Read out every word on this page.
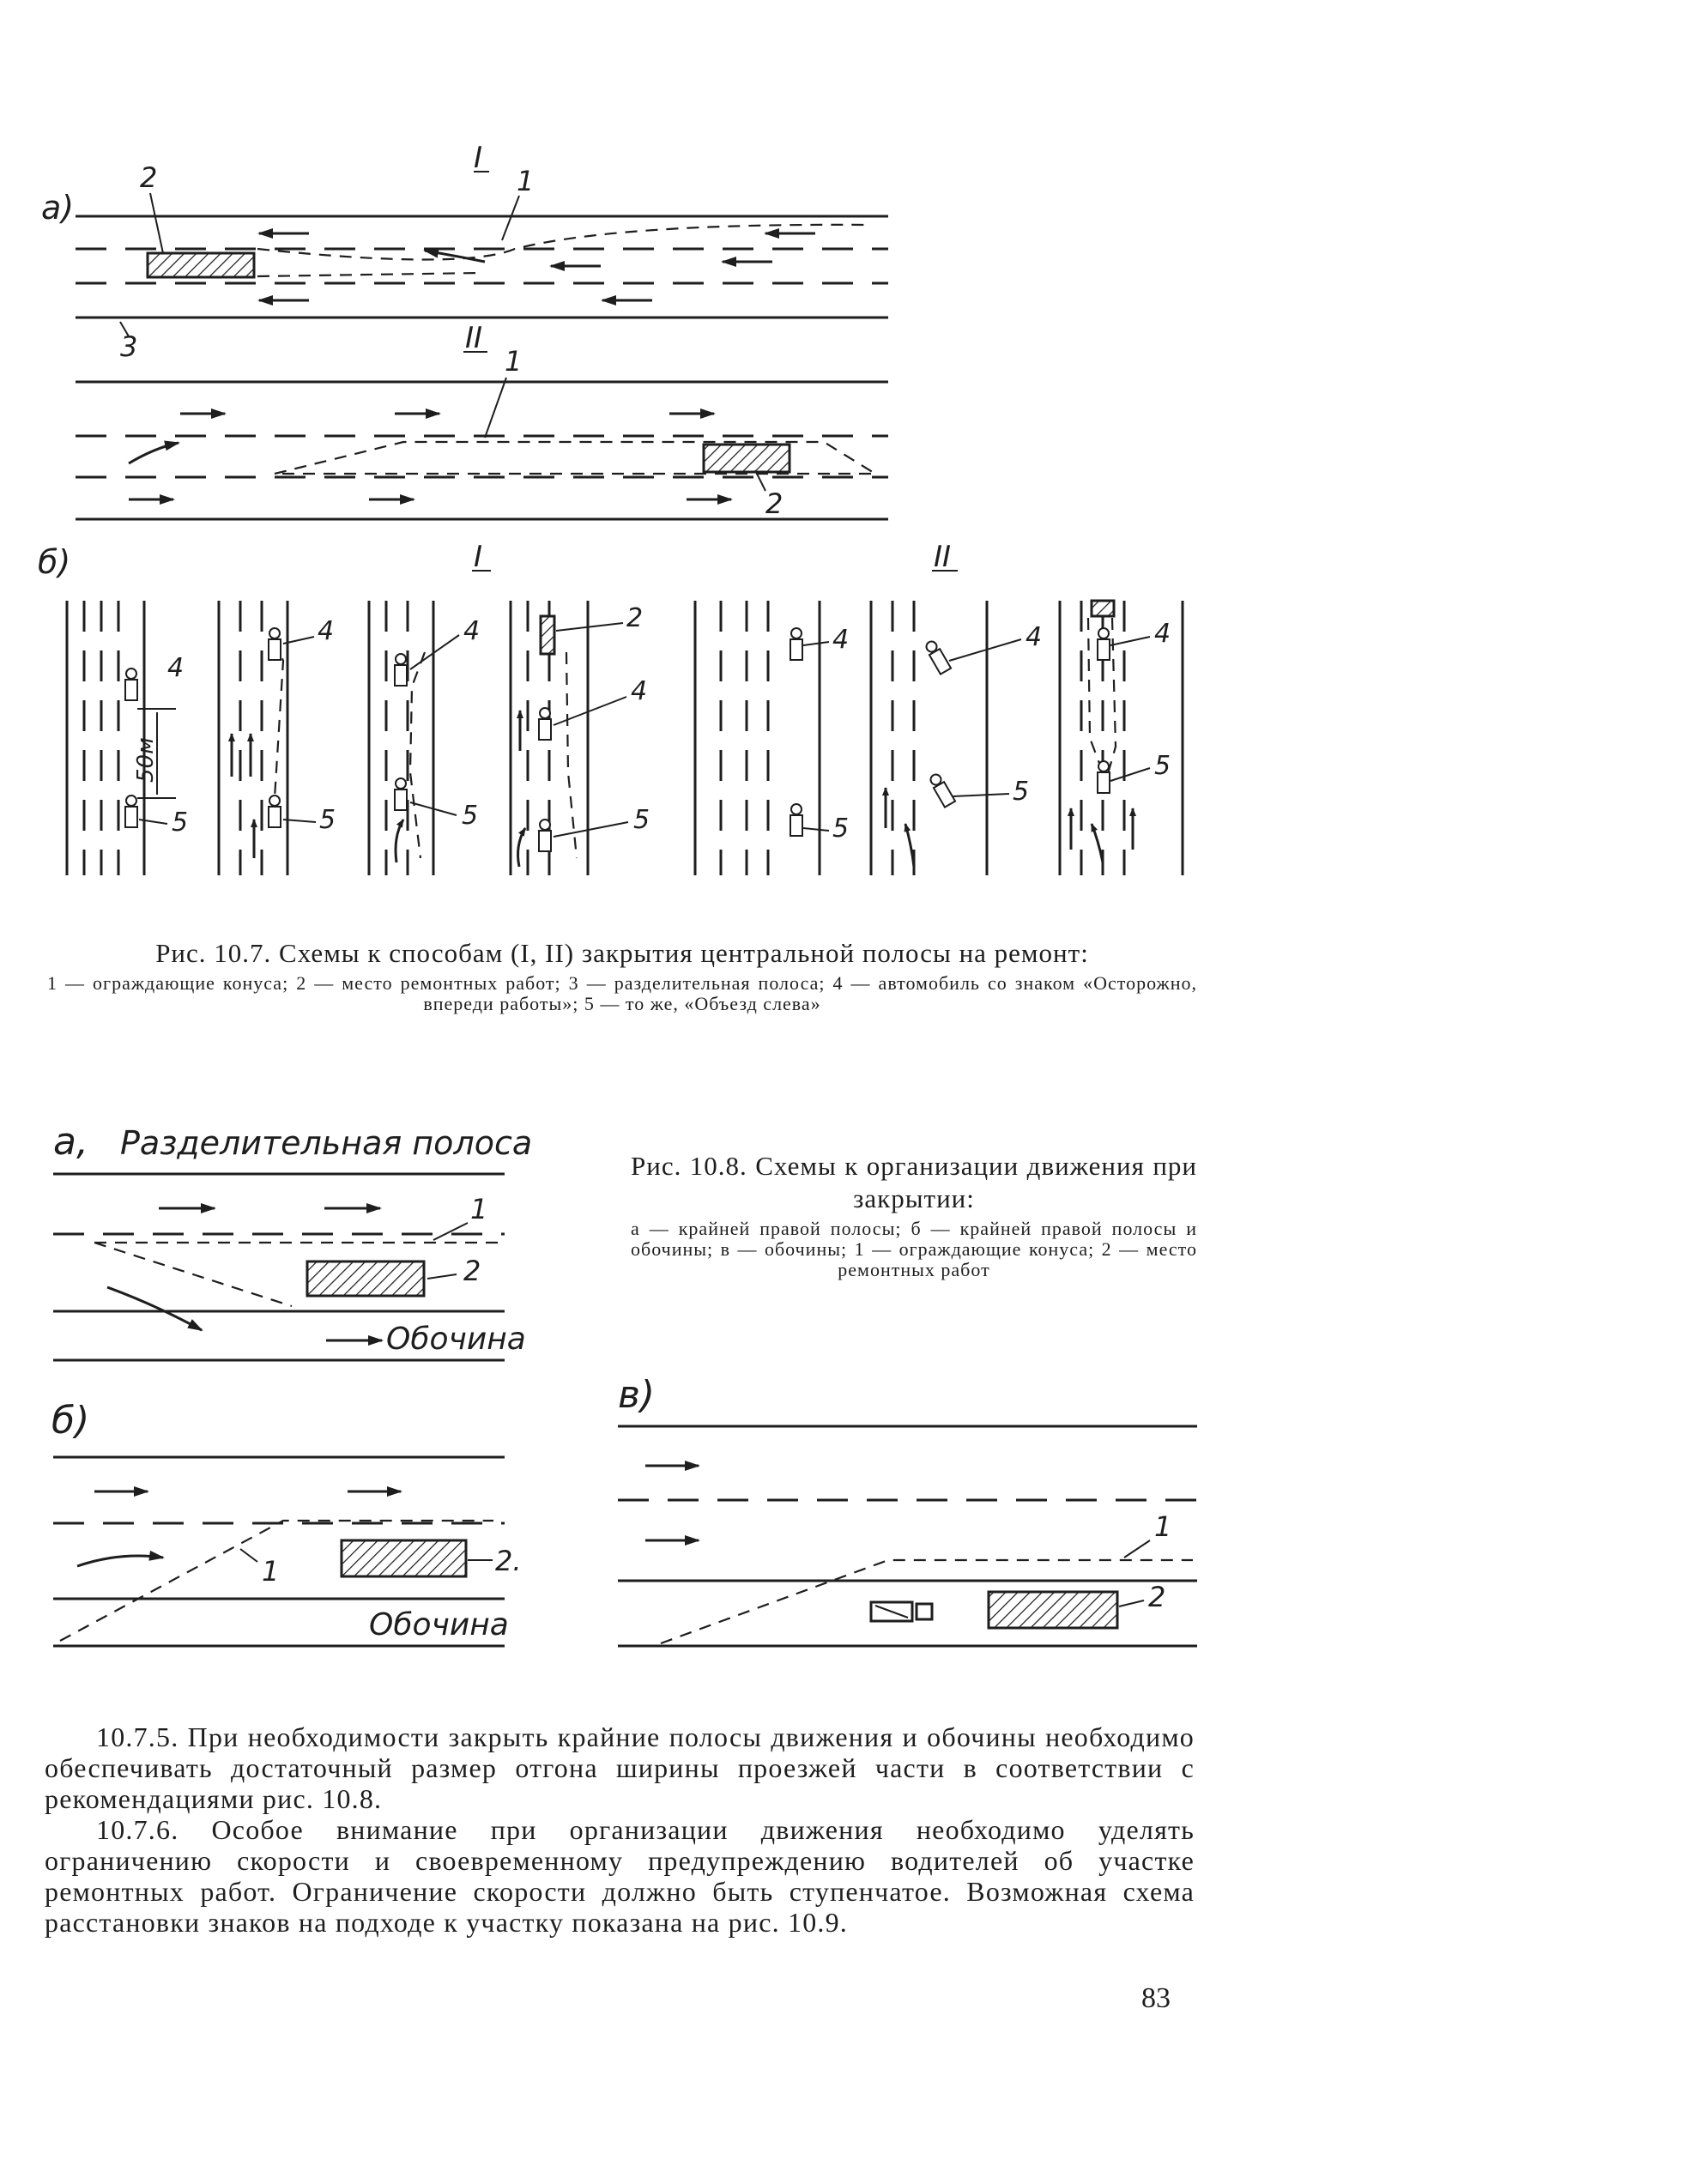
а)
I
2	1
3	II
1
2
б)	I	II
50м
4
5
4
5
4
5
2
4
5
4
5
4
5
4
5
а, Разделительная полоса
1
2
Обочина
б)
1	2.
Обочина
в)
1
2
Рис. 10.7. Схемы к способам (I, II) закрытия центральной полосы на ремонт:
1 — ограждающие конуса; 2 — место ремонтных работ; 3 — разделительная полоса; 4 — автомобиль со знаком «Осторожно, впереди работы»; 5 — то же, «Объезд слева»
Рис. 10.8. Схемы к организации движения при закрытии:
а — крайней правой полосы; б — крайней правой полосы и обочины; в — обочины; 1 — ограждающие конуса; 2 — место ремонтных работ

10.7.5. При необходимости закрыть крайние полосы движения и обочины необходимо обеспечивать достаточный размер отгона ширины проезжей части в соответствии с рекомендациями рис. 10.8.

10.7.6. Особое внимание при организации движения необходимо уделять ограничению скорости и своевременному предупреждению водителей об участке ремонтных работ. Ограничение скорости должно быть ступенчатое. Возможная схема расстановки знаков на подходе к участку показана на рис. 10.9.

83
